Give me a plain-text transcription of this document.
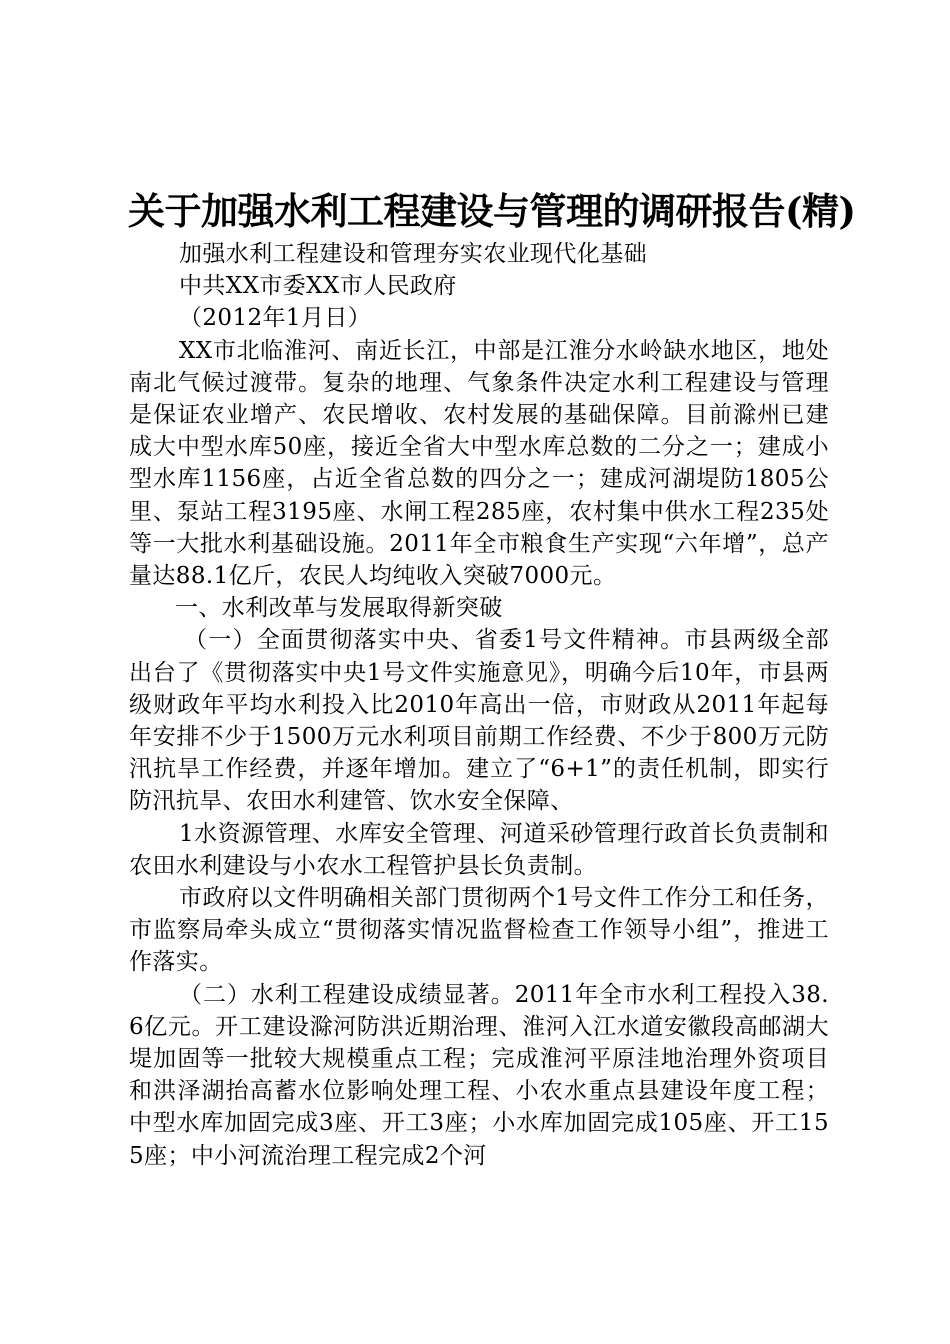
关于加强水利工程建设与管理的调研报告(精)

加强水利工程建设和管理夯实农业现代化基础

中共XX市委XX市人民政府

（2012年1月日）

XX市北临淮河、南近长江，中部是江淮分水岭缺水地区，地处南北气候过渡带。复杂的地理、气象条件决定水利工程建设与管理是保证农业增产、农民增收、农村发展的基础保障。目前滁州已建成大中型水库50座，接近全省大中型水库总数的二分之一；建成小型水库1156座，占近全省总数的四分之一；建成河湖堤防1805公里、泵站工程3195座、水闸工程285座，农村集中供水工程235处等一大批水利基础设施。2011年全市粮食生产实现“六年增”，总产量达88.1亿斤，农民人均纯收入突破7000元。

一、水利改革与发展取得新突破

（一）全面贯彻落实中央、省委1号文件精神。市县两级全部出台了《贯彻落实中央1号文件实施意见》，明确今后10年，市县两级财政年平均水利投入比2010年高出一倍，市财政从2011年起每年安排不少于1500万元水利项目前期工作经费、不少于800万元防汛抗旱工作经费，并逐年增加。建立了“6+1”的责任机制，即实行防汛抗旱、农田水利建管、饮水安全保障、

1水资源管理、水库安全管理、河道采砂管理行政首长负责制和农田水利建设与小农水工程管护县长负责制。

市政府以文件明确相关部门贯彻两个1号文件工作分工和任务，市监察局牵头成立“贯彻落实情况监督检查工作领导小组”，推进工作落实。

（二）水利工程建设成绩显著。2011年全市水利工程投入38.6亿元。开工建设滁河防洪近期治理、淮河入江水道安徽段高邮湖大堤加固等一批较大规模重点工程；完成淮河平原洼地治理外资项目和洪泽湖抬高蓄水位影响处理工程、小农水重点县建设年度工程；中型水库加固完成3座、开工3座；小水库加固完成105座、开工155座；中小河流治理工程完成2个河
